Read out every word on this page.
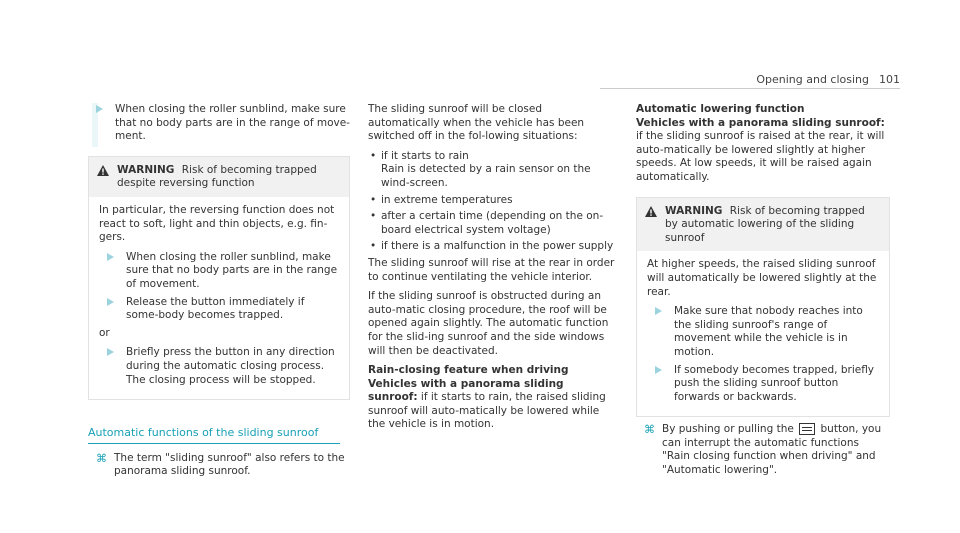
Opening and closing 101
When closing the roller sunblind, make sure that no body parts are in the range of move-ment.
WARNING Risk of becoming trapped despite reversing function

In particular, the reversing function does not react to soft, light and thin objects, e.g. fin-gers.

When closing the roller sunblind, make sure that no body parts are in the range of movement.
Release the button immediately if some-body becomes trapped.

or

Briefly press the button in any direction during the automatic closing process. The closing process will be stopped.
Automatic functions of the sliding sunroof
⌘ The term "sliding sunroof" also refers to the panorama sliding sunroof.

The sliding sunroof will be closed automatically when the vehicle has been switched off in the fol-lowing situations:

• if it starts to rain
Rain is detected by a rain sensor on the wind-screen.
• in extreme temperatures
• after a certain time (depending on the on-board electrical system voltage)
• if there is a malfunction in the power supply

The sliding sunroof will rise at the rear in order to continue ventilating the vehicle interior.

If the sliding sunroof is obstructed during an auto-matic closing procedure, the roof will be opened again slightly. The automatic function for the slid-ing sunroof and the side windows will then be deactivated.

Rain-closing feature when driving

Vehicles with a panorama sliding sunroof: if it starts to rain, the raised sliding sunroof will auto-matically be lowered while the vehicle is in motion.

Automatic lowering function

Vehicles with a panorama sliding sunroof: if the sliding sunroof is raised at the rear, it will auto-matically be lowered slightly at higher speeds. At low speeds, it will be raised again automatically.

WARNING Risk of becoming trapped by automatic lowering of the sliding sunroof

At higher speeds, the raised sliding sunroof will automatically be lowered slightly at the rear.

Make sure that nobody reaches into the sliding sunroof's range of movement while the vehicle is in motion.
If somebody becomes trapped, briefly push the sliding sunroof button forwards or backwards.
⌘ By pushing or pulling the	button, you can interrupt the automatic functions "Rain closing function when driving" and "Automatic lowering".
